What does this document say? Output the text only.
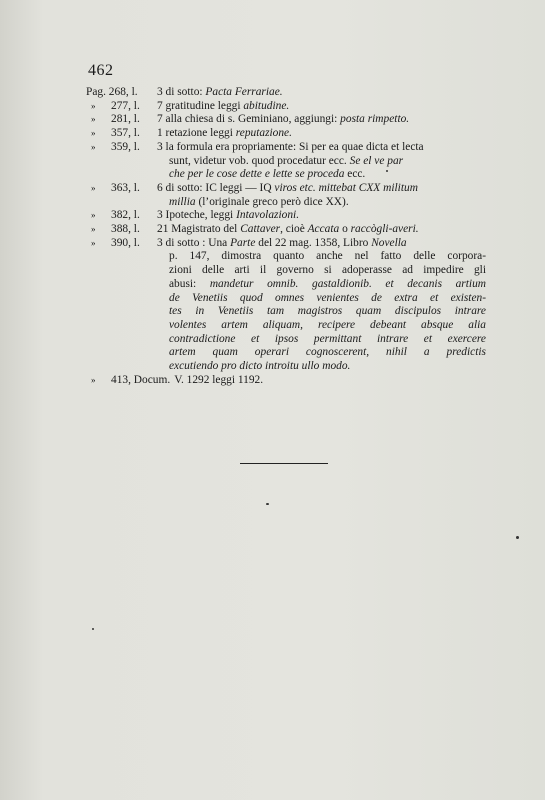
462
Pag. 268, l.	3 di sotto: Pacta Ferrariae.
»	277, l.	7 gratitudine leggi abitudine.
»	281, l.	7 alla chiesa di s. Geminiano, aggiungi: posta rimpetto.
»	357, l.	1 retazione leggi reputazione.
»	359, l.	3 la formula era propriamente: Si per ea quae dicta et lecta
sunt, videtur vob. quod procedatur ecc. Se el ve par
che per le cose dette e lette se proceda ecc.
»	363, l.	6 di sotto: IC leggi — IQ viros etc. mittebat CXX militum
millia (l’originale greco però dice XX).
»	382, l.	3 Ipoteche, leggi Intavolazioni.
»	388, l.	21 Magistrato del Cattaver, cioè Accata o raccògli-averi.
»	390, l.	3 di sotto : Una Parte del 22 mag. 1358, Libro Novella
p. 147, dimostra quanto anche nel fatto delle corpora-
zioni delle arti il governo si adoperasse ad impedire gli
abusi: mandetur omnib. gastaldionib. et decanis artium
de Venetiis quod omnes venientes de extra et existen-
tes in Venetiis tam magistros quam discipulos intrare
volentes artem aliquam, recipere debeant absque alia
contradictione et ipsos permittant intrare et exercere
artem quam operari cognoscerent, nihil a predictis
excutiendo pro dicto introitu ullo modo.
»	413, Docum. V. 1292 leggi 1192.
